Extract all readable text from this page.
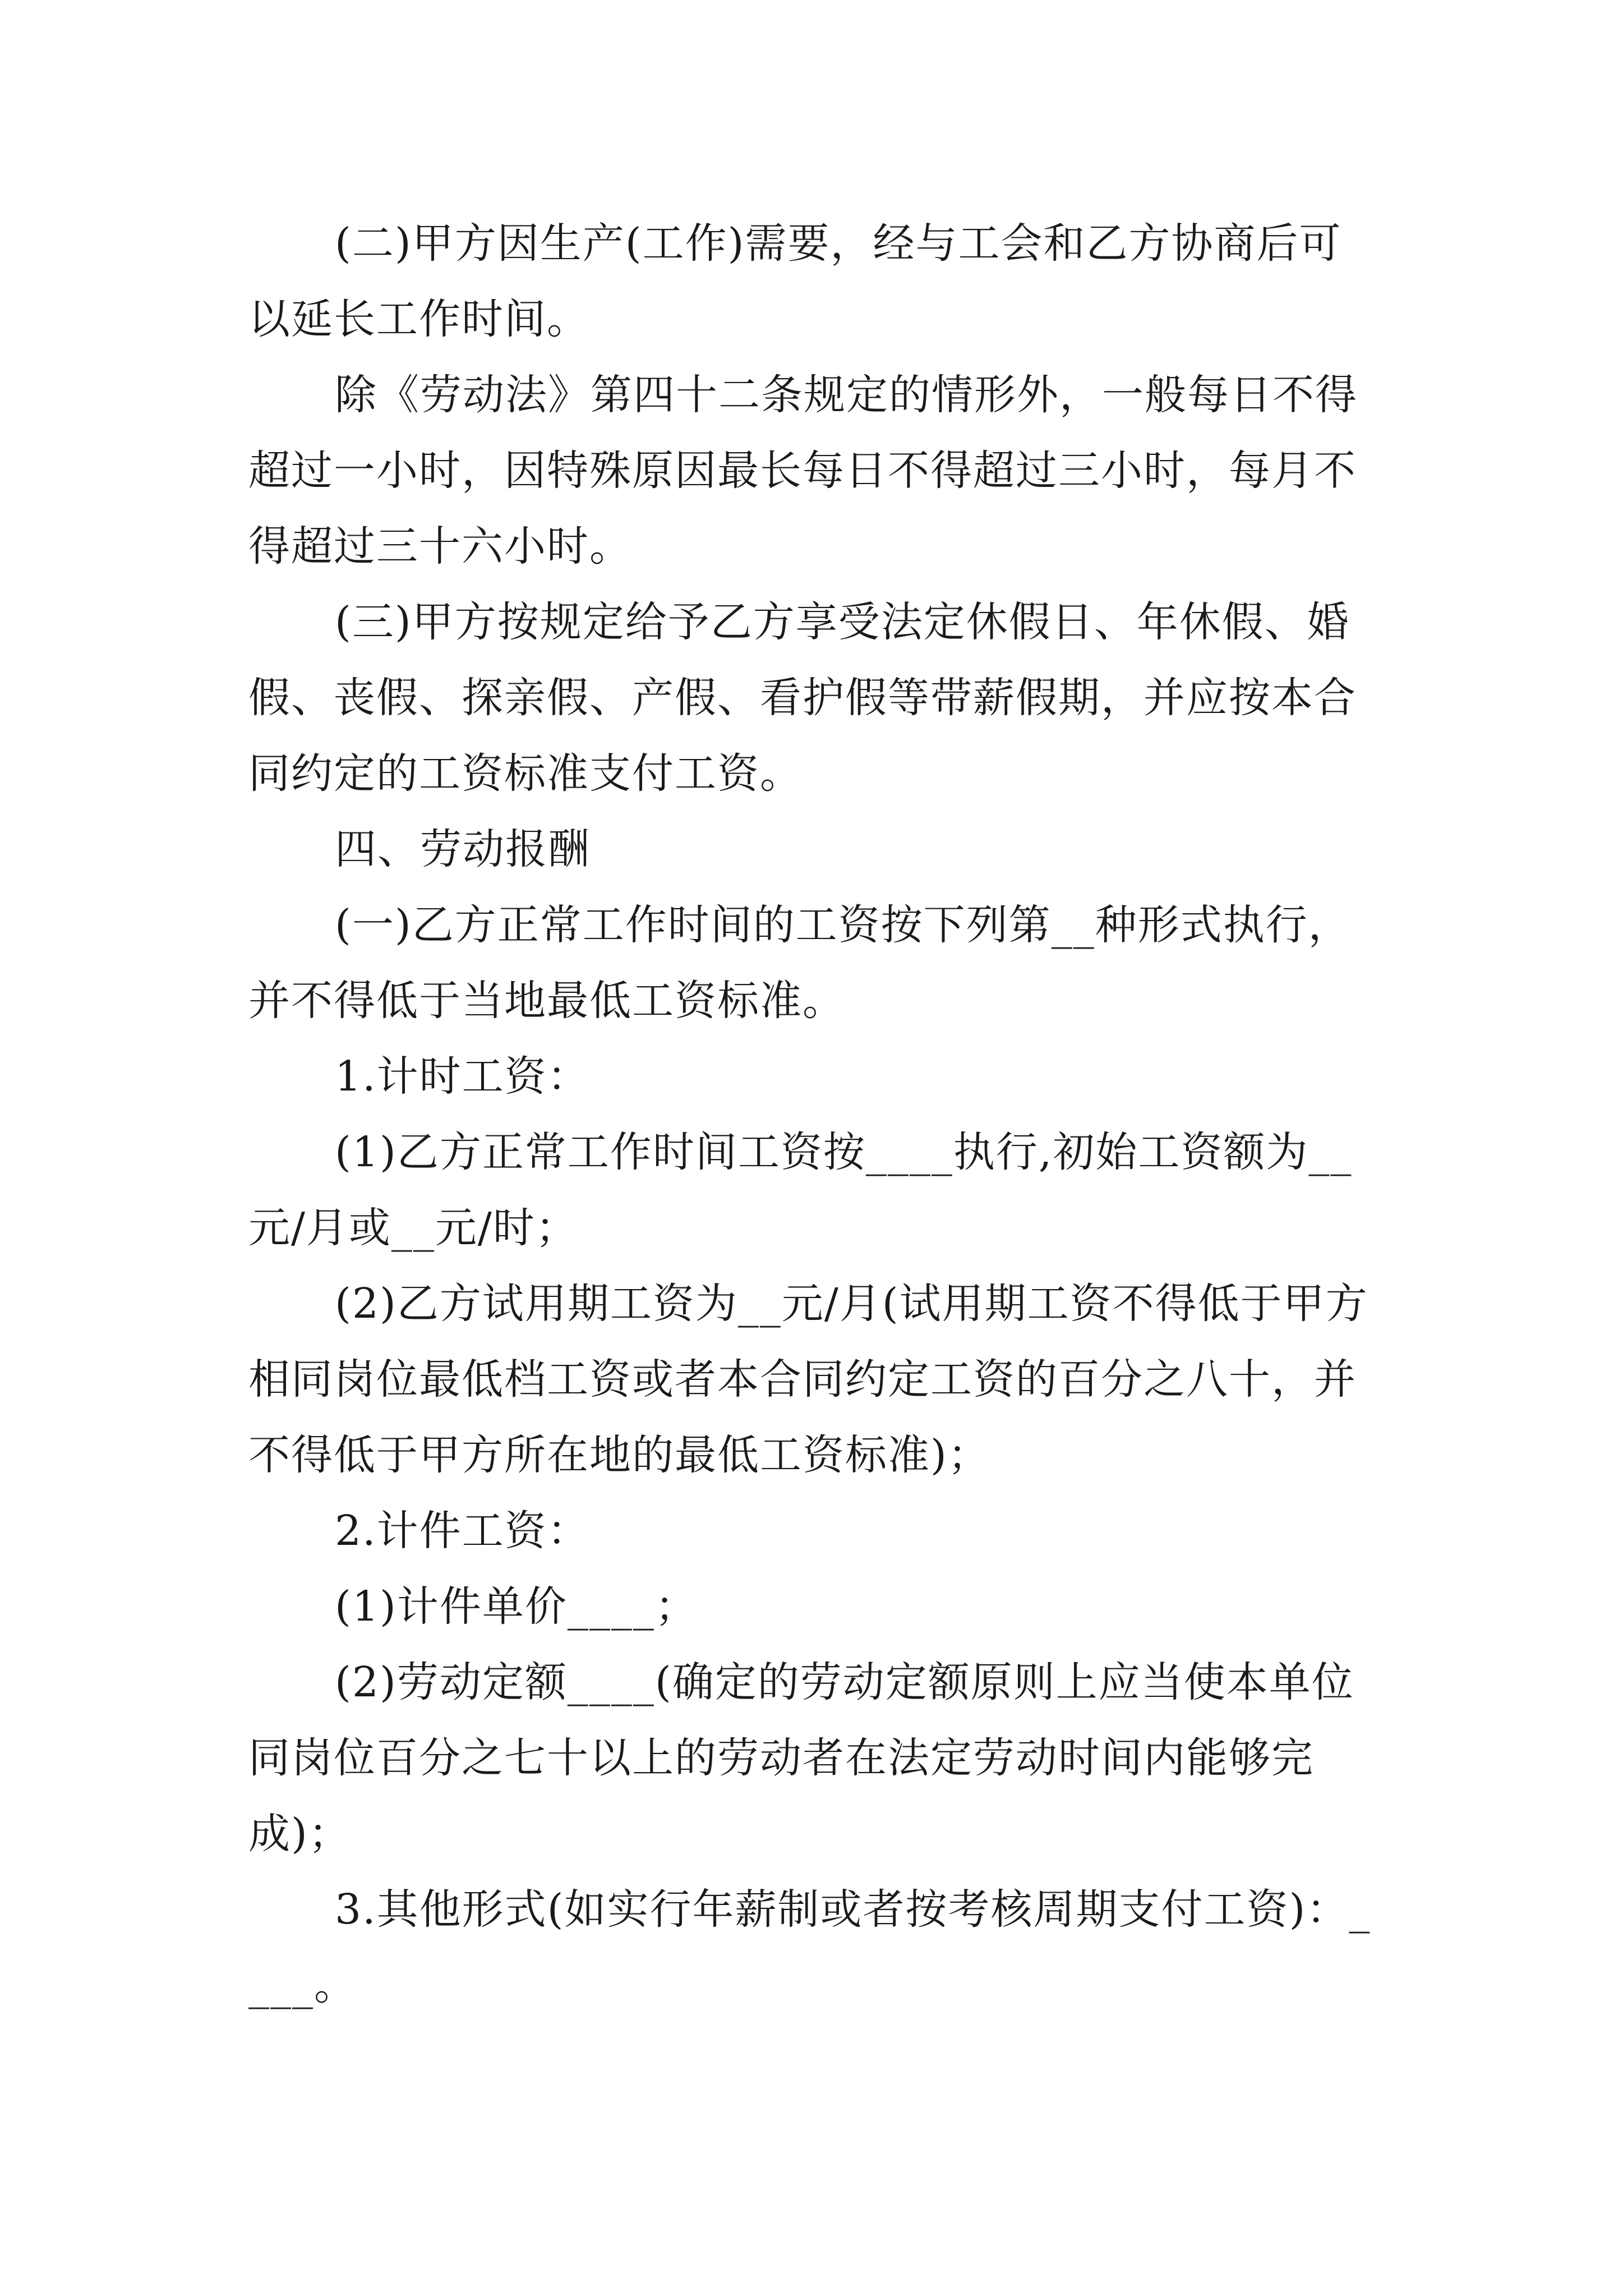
(二)甲方因生产(工作)需要，经与工会和乙方协商后可以延长工作时间。

除《劳动法》第四十二条规定的情形外，一般每日不得超过一小时，因特殊原因最长每日不得超过三小时，每月不得超过三十六小时。

(三)甲方按规定给予乙方享受法定休假日、年休假、婚假、丧假、探亲假、产假、看护假等带薪假期，并应按本合同约定的工资标准支付工资。

四、劳动报酬

(一)乙方正常工作时间的工资按下列第__种形式执行，并不得低于当地最低工资标准。

1.计时工资：

(1)乙方正常工作时间工资按____执行,初始工资额为__元/月或__元/时；

(2)乙方试用期工资为__元/月(试用期工资不得低于甲方相同岗位最低档工资或者本合同约定工资的百分之八十，并不得低于甲方所在地的最低工资标准)；

2.计件工资：

(1)计件单价____；

(2)劳动定额____(确定的劳动定额原则上应当使本单位同岗位百分之七十以上的劳动者在法定劳动时间内能够完成)；

3.其他形式(如实行年薪制或者按考核周期支付工资)：____。
